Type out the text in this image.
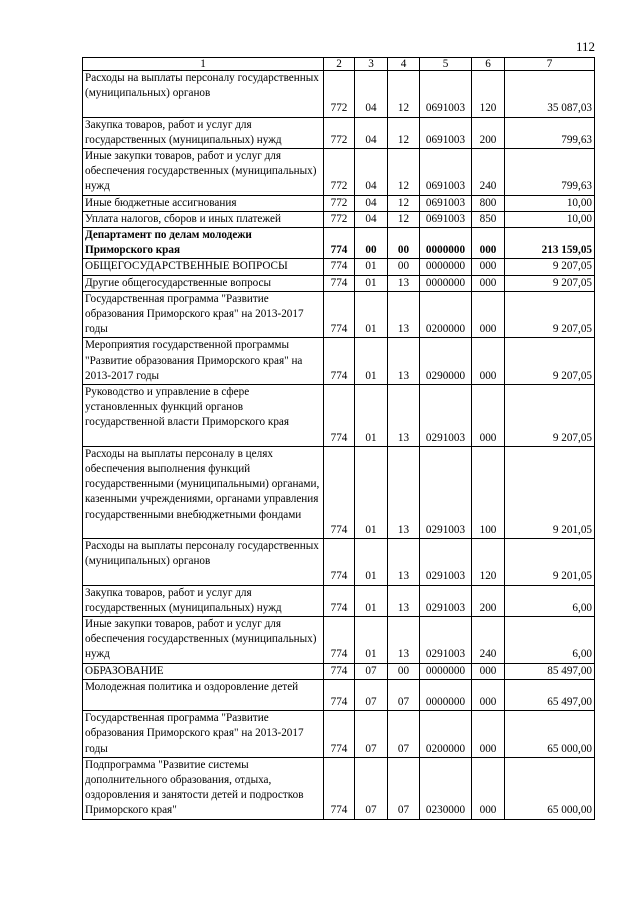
112
1	2	3	4	5	6	7
Расходы на выплаты персоналу государственных (муниципальных) органов	772	04	12	0691003	120	35 087,03
Закупка товаров, работ и услуг для государственных (муниципальных) нужд	772	04	12	0691003	200	799,63
Иные закупки товаров, работ и услуг для обеспечения государственных (муниципальных) нужд	772	04	12	0691003	240	799,63
Иные бюджетные ассигнования	772	04	12	0691003	800	10,00
Уплата налогов, сборов и иных платежей	772	04	12	0691003	850	10,00
Департамент по делам молодежи Приморского края	774	00	00	0000000	000	213 159,05
ОБЩЕГОСУДАРСТВЕННЫЕ ВОПРОСЫ	774	01	00	0000000	000	9 207,05
Другие общегосударственные вопросы	774	01	13	0000000	000	9 207,05
Государственная программа "Развитие образования Приморского края" на 2013-2017 годы	774	01	13	0200000	000	9 207,05
Мероприятия государственной программы "Развитие образования Приморского края" на 2013-2017 годы	774	01	13	0290000	000	9 207,05
Руководство и управление в сфере установленных функций органов государственной власти Приморского края	774	01	13	0291003	000	9 207,05
Расходы на выплаты персоналу в целях обеспечения выполнения функций государственными (муниципальными) органами, казенными учреждениями, органами управления государственными внебюджетными фондами	774	01	13	0291003	100	9 201,05
Расходы на выплаты персоналу государственных (муниципальных) органов	774	01	13	0291003	120	9 201,05
Закупка товаров, работ и услуг для государственных (муниципальных) нужд	774	01	13	0291003	200	6,00
Иные закупки товаров, работ и услуг для обеспечения государственных (муниципальных) нужд	774	01	13	0291003	240	6,00
ОБРАЗОВАНИЕ	774	07	00	0000000	000	85 497,00
Молодежная политика и оздоровление детей	774	07	07	0000000	000	65 497,00
Государственная программа "Развитие образования Приморского края" на 2013-2017 годы	774	07	07	0200000	000	65 000,00
Подпрограмма "Развитие системы дополнительного образования, отдыха, оздоровления и занятости детей и подростков Приморского края"	774	07	07	0230000	000	65 000,00
